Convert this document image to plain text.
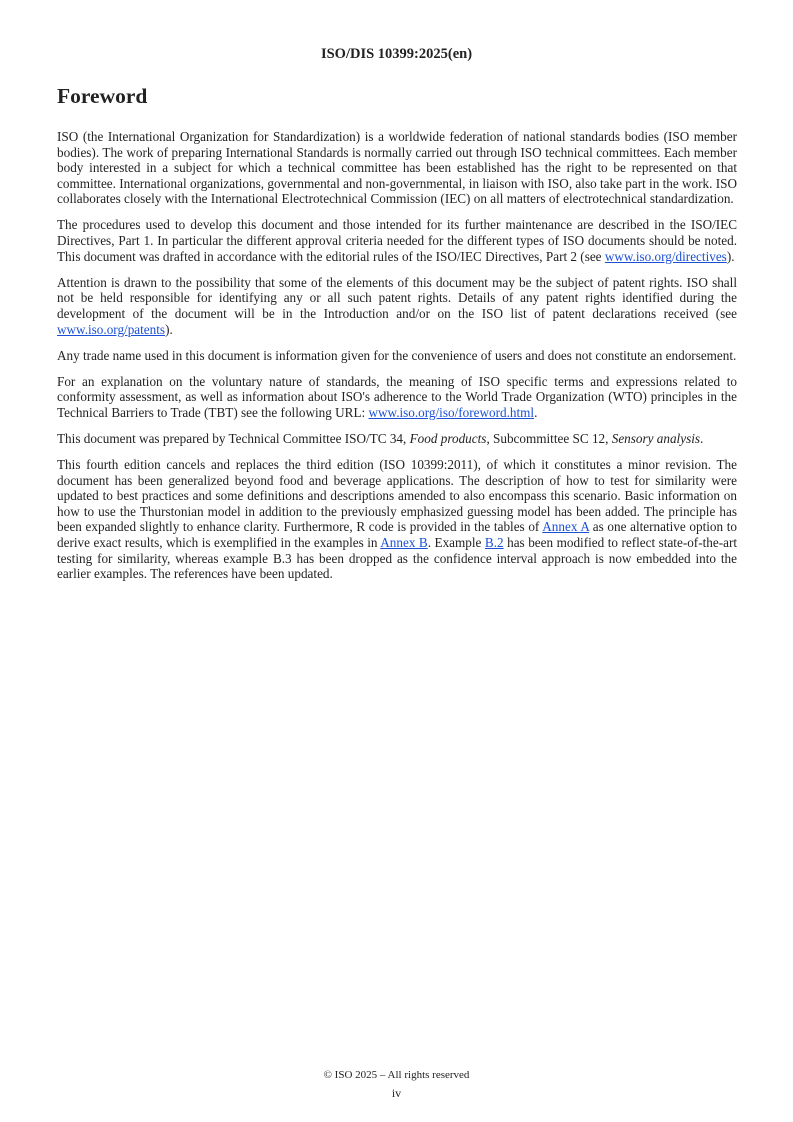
ISO/DIS 10399:2025(en)
Foreword

ISO (the International Organization for Standardization) is a worldwide federation of national standards bodies (ISO member bodies). The work of preparing International Standards is normally carried out through ISO technical committees. Each member body interested in a subject for which a technical committee has been established has the right to be represented on that committee. International organizations, governmental and non-governmental, in liaison with ISO, also take part in the work. ISO collaborates closely with the International Electrotechnical Commission (IEC) on all matters of electrotechnical standardization.

The procedures used to develop this document and those intended for its further maintenance are described in the ISO/IEC Directives, Part 1. In particular the different approval criteria needed for the different types of ISO documents should be noted. This document was drafted in accordance with the editorial rules of the ISO/IEC Directives, Part 2 (see www.iso.org/directives).

Attention is drawn to the possibility that some of the elements of this document may be the subject of patent rights. ISO shall not be held responsible for identifying any or all such patent rights. Details of any patent rights identified during the development of the document will be in the Introduction and/or on the ISO list of patent declarations received (see www.iso.org/patents).

Any trade name used in this document is information given for the convenience of users and does not constitute an endorsement.

For an explanation on the voluntary nature of standards, the meaning of ISO specific terms and expressions related to conformity assessment, as well as information about ISO's adherence to the World Trade Organization (WTO) principles in the Technical Barriers to Trade (TBT) see the following URL: www.iso.org/iso/foreword.html.

This document was prepared by Technical Committee ISO/TC 34, Food products, Subcommittee SC 12, Sensory analysis.

This fourth edition cancels and replaces the third edition (ISO 10399:2011), of which it constitutes a minor revision. The document has been generalized beyond food and beverage applications. The description of how to test for similarity were updated to best practices and some definitions and descriptions amended to also encompass this scenario. Basic information on how to use the Thurstonian model in addition to the previously emphasized guessing model has been added. The principle has been expanded slightly to enhance clarity. Furthermore, R code is provided in the tables of Annex A as one alternative option to derive exact results, which is exemplified in the examples in Annex B. Example B.2 has been modified to reflect state-of-the-art testing for similarity, whereas example B.3 has been dropped as the confidence interval approach is now embedded into the earlier examples. The references have been updated.

© ISO 2025 – All rights reserved
iv
